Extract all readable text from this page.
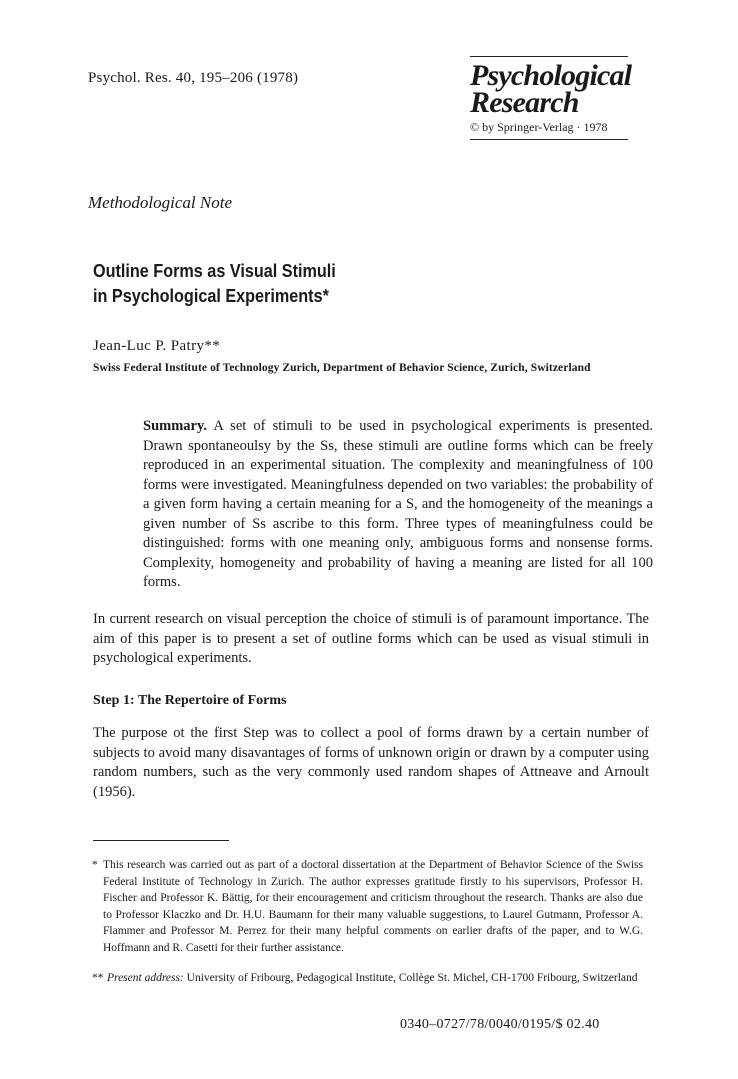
Psychol. Res. 40, 195–206 (1978)	Psychological
Research
© by Springer-Verlag · 1978
Methodological Note
Outline Forms as Visual Stimuli
in Psychological Experiments*
Jean-Luc P. Patry**
Swiss Federal Institute of Technology Zurich, Department of Behavior Science, Zurich, Switzerland
Summary. A set of stimuli to be used in psychological experiments is presented. Drawn spontaneoulsy by the Ss, these stimuli are outline forms which can be freely reproduced in an experimental situation. The complexity and meaningfulness of 100 forms were investigated. Meaningfulness depended on two variables: the probability of a given form having a certain meaning for a S, and the homogeneity of the meanings a given number of Ss ascribe to this form. Three types of meaningfulness could be distinguished: forms with one meaning only, ambiguous forms and nonsense forms. Complexity, homogeneity and probability of having a meaning are listed for all 100 forms.
In current research on visual perception the choice of stimuli is of paramount importance. The aim of this paper is to present a set of outline forms which can be used as visual stimuli in psychological experiments.
Step 1: The Repertoire of Forms
The purpose ot the first Step was to collect a pool of forms drawn by a certain number of subjects to avoid many disavantages of forms of unknown origin or drawn by a computer using random numbers, such as the very commonly used random shapes of Attneave and Arnoult (1956).
* This research was carried out as part of a doctoral dissertation at the Department of Behavior Science of the Swiss Federal Institute of Technology in Zurich. The author expresses gratitude firstly to his supervisors, Professor H. Fischer and Professor K. Bättig, for their encouragement and criticism throughout the research. Thanks are also due to Professor Klaczko and Dr. H.U. Baumann for their many valuable suggestions, to Laurel Gutmann, Professor A. Flammer and Professor M. Perrez for their many helpful comments on earlier drafts of the paper, and to W.G. Hoffmann and R. Casetti for their further assistance.
** Present address: University of Fribourg, Pedagogical Institute, Collège St. Michel, CH-1700 Fribourg, Switzerland
0340–0727/78/0040/0195/$ 02.40
